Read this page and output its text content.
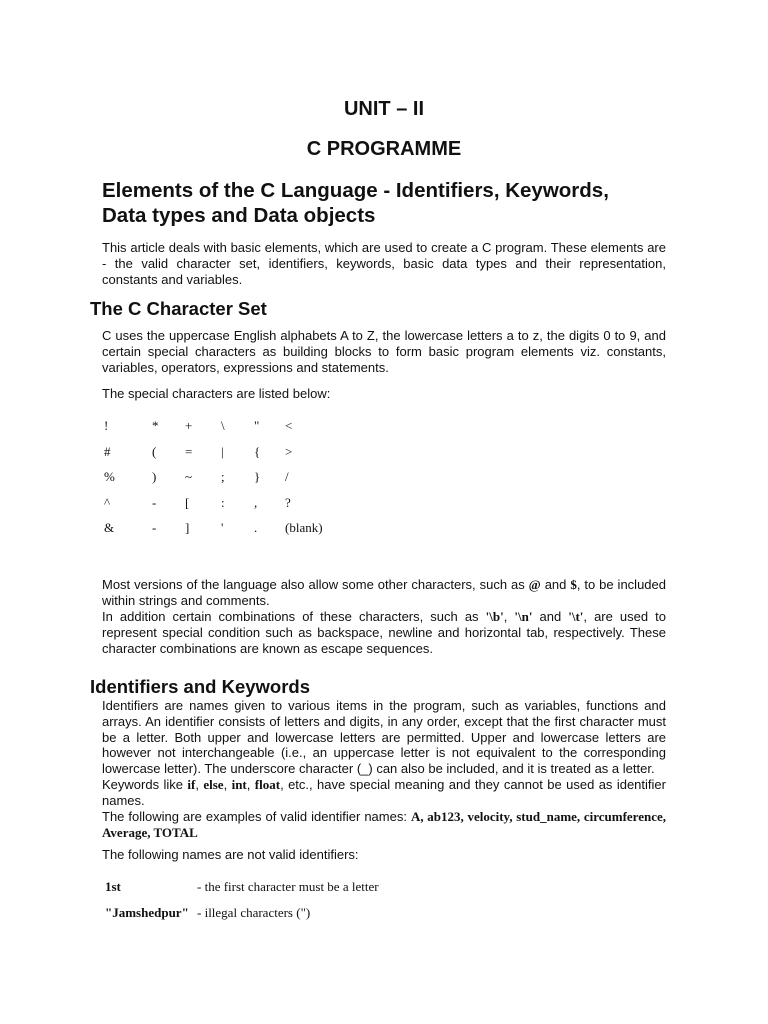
UNIT – II
C PROGRAMME
Elements of the C Language - Identifiers, Keywords,
Data types and Data objects
This article deals with basic elements, which are used to create a C program. These elements are - the valid character set, identifiers, keywords, basic data types and their representation, constants and variables.
The C Character Set
C uses the uppercase English alphabets A to Z, the lowercase letters a to z, the digits 0 to 9, and certain special characters as building blocks to form basic program elements viz. constants, variables, operators, expressions and statements.
The special characters are listed below:
!	* + \ " <
#	( = | { >
%	) ~ ; } /
^	- [ : , ?
&	- ] ' . (blank)
Most versions of the language also allow some other characters, such as @ and $, to be included within strings and comments.
In addition certain combinations of these characters, such as '\b', '\n' and '\t', are used to represent special condition such as backspace, newline and horizontal tab, respectively. These character combinations are known as escape sequences.
Identifiers and Keywords
Identifiers are names given to various items in the program, such as variables, functions and arrays. An identifier consists of letters and digits, in any order, except that the first character must be a letter. Both upper and lowercase letters are permitted. Upper and lowercase letters are however not interchangeable (i.e., an uppercase letter is not equivalent to the corresponding lowercase letter). The underscore character (_) can also be included, and it is treated as a letter.
Keywords like if, else, int, float, etc., have special meaning and they cannot be used as identifier names.
The following are examples of valid identifier names: A, ab123, velocity, stud_name, circumference, Average, TOTAL
The following names are not valid identifiers:
1st	- the first character must be a letter
"Jamshedpur" - illegal characters (")
